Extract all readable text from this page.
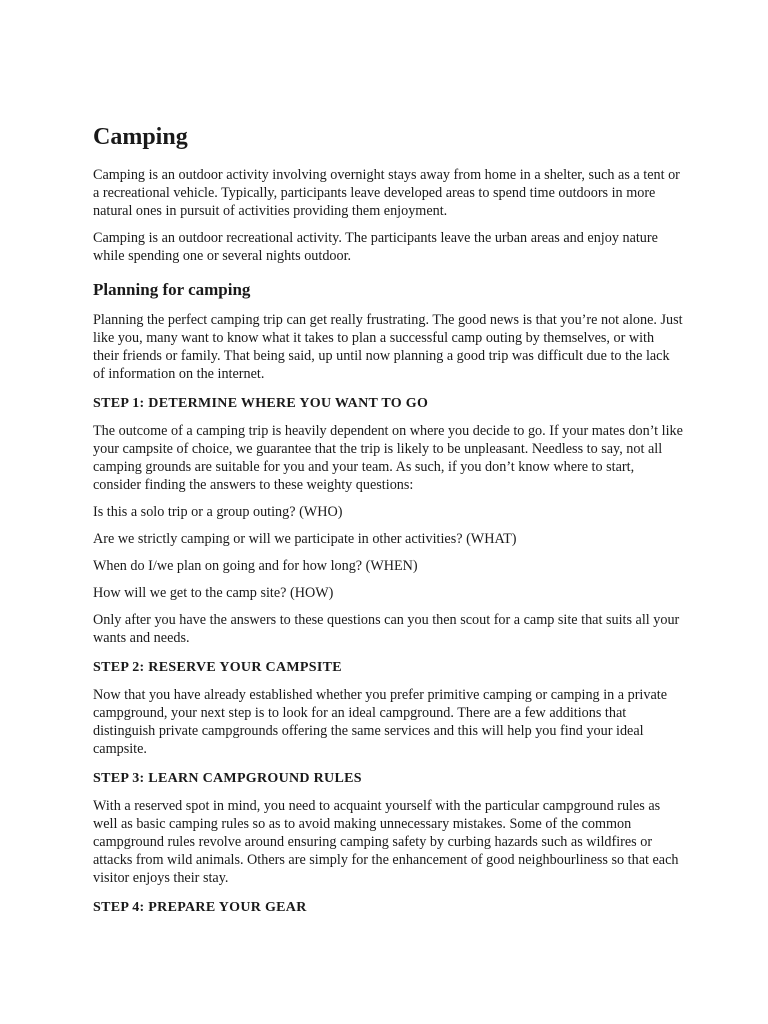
Camping

Camping is an outdoor activity involving overnight stays away from home in a shelter, such as a tent or a recreational vehicle. Typically, participants leave developed areas to spend time outdoors in more natural ones in pursuit of activities providing them enjoyment.

Camping is an outdoor recreational activity. The participants leave the urban areas and enjoy nature while spending one or several nights outdoor.

Planning for camping

Planning the perfect camping trip can get really frustrating. The good news is that you’re not alone. Just like you, many want to know what it takes to plan a successful camp outing by themselves, or with their friends or family. That being said, up until now planning a good trip was difficult due to the lack of information on the internet.

STEP 1: DETERMINE WHERE YOU WANT TO GO

The outcome of a camping trip is heavily dependent on where you decide to go. If your mates don’t like your campsite of choice, we guarantee that the trip is likely to be unpleasant. Needless to say, not all camping grounds are suitable for you and your team. As such, if you don’t know where to start, consider finding the answers to these weighty questions:

Is this a solo trip or a group outing? (WHO)

Are we strictly camping or will we participate in other activities? (WHAT)

When do I/we plan on going and for how long? (WHEN)

How will we get to the camp site? (HOW)

Only after you have the answers to these questions can you then scout for a camp site that suits all your wants and needs.

STEP 2: RESERVE YOUR CAMPSITE

Now that you have already established whether you prefer primitive camping or camping in a private campground, your next step is to look for an ideal campground. There are a few additions that distinguish private campgrounds offering the same services and this will help you find your ideal campsite.

STEP 3: LEARN CAMPGROUND RULES

With a reserved spot in mind, you need to acquaint yourself with the particular campground rules as well as basic camping rules so as to avoid making unnecessary mistakes. Some of the common campground rules revolve around ensuring camping safety by curbing hazards such as wildfires or attacks from wild animals. Others are simply for the enhancement of good neighbourliness so that each visitor enjoys their stay.

STEP 4: PREPARE YOUR GEAR
